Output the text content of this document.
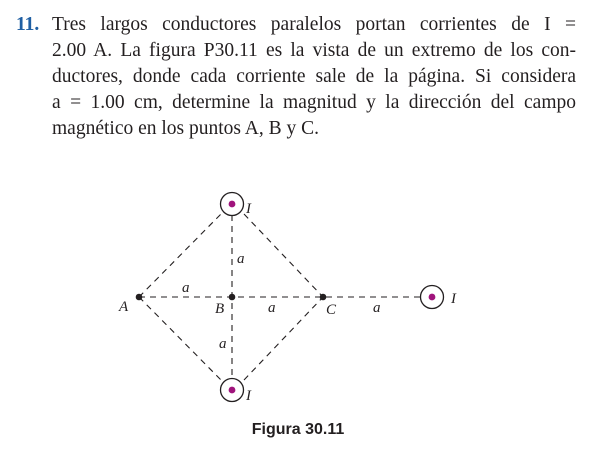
11. Tres largos conductores paralelos portan corrientes de I =
2.00 A. La figura P30.11 es la vista de un extremo de los con-
ductores, donde cada corriente sale de la página. Si considera
a = 1.00 cm, determine la magnitud y la dirección del campo
magnético en los puntos A, B y C.
I
I
I
A	B	C
a
a
a	a
a
Figura 30.11
